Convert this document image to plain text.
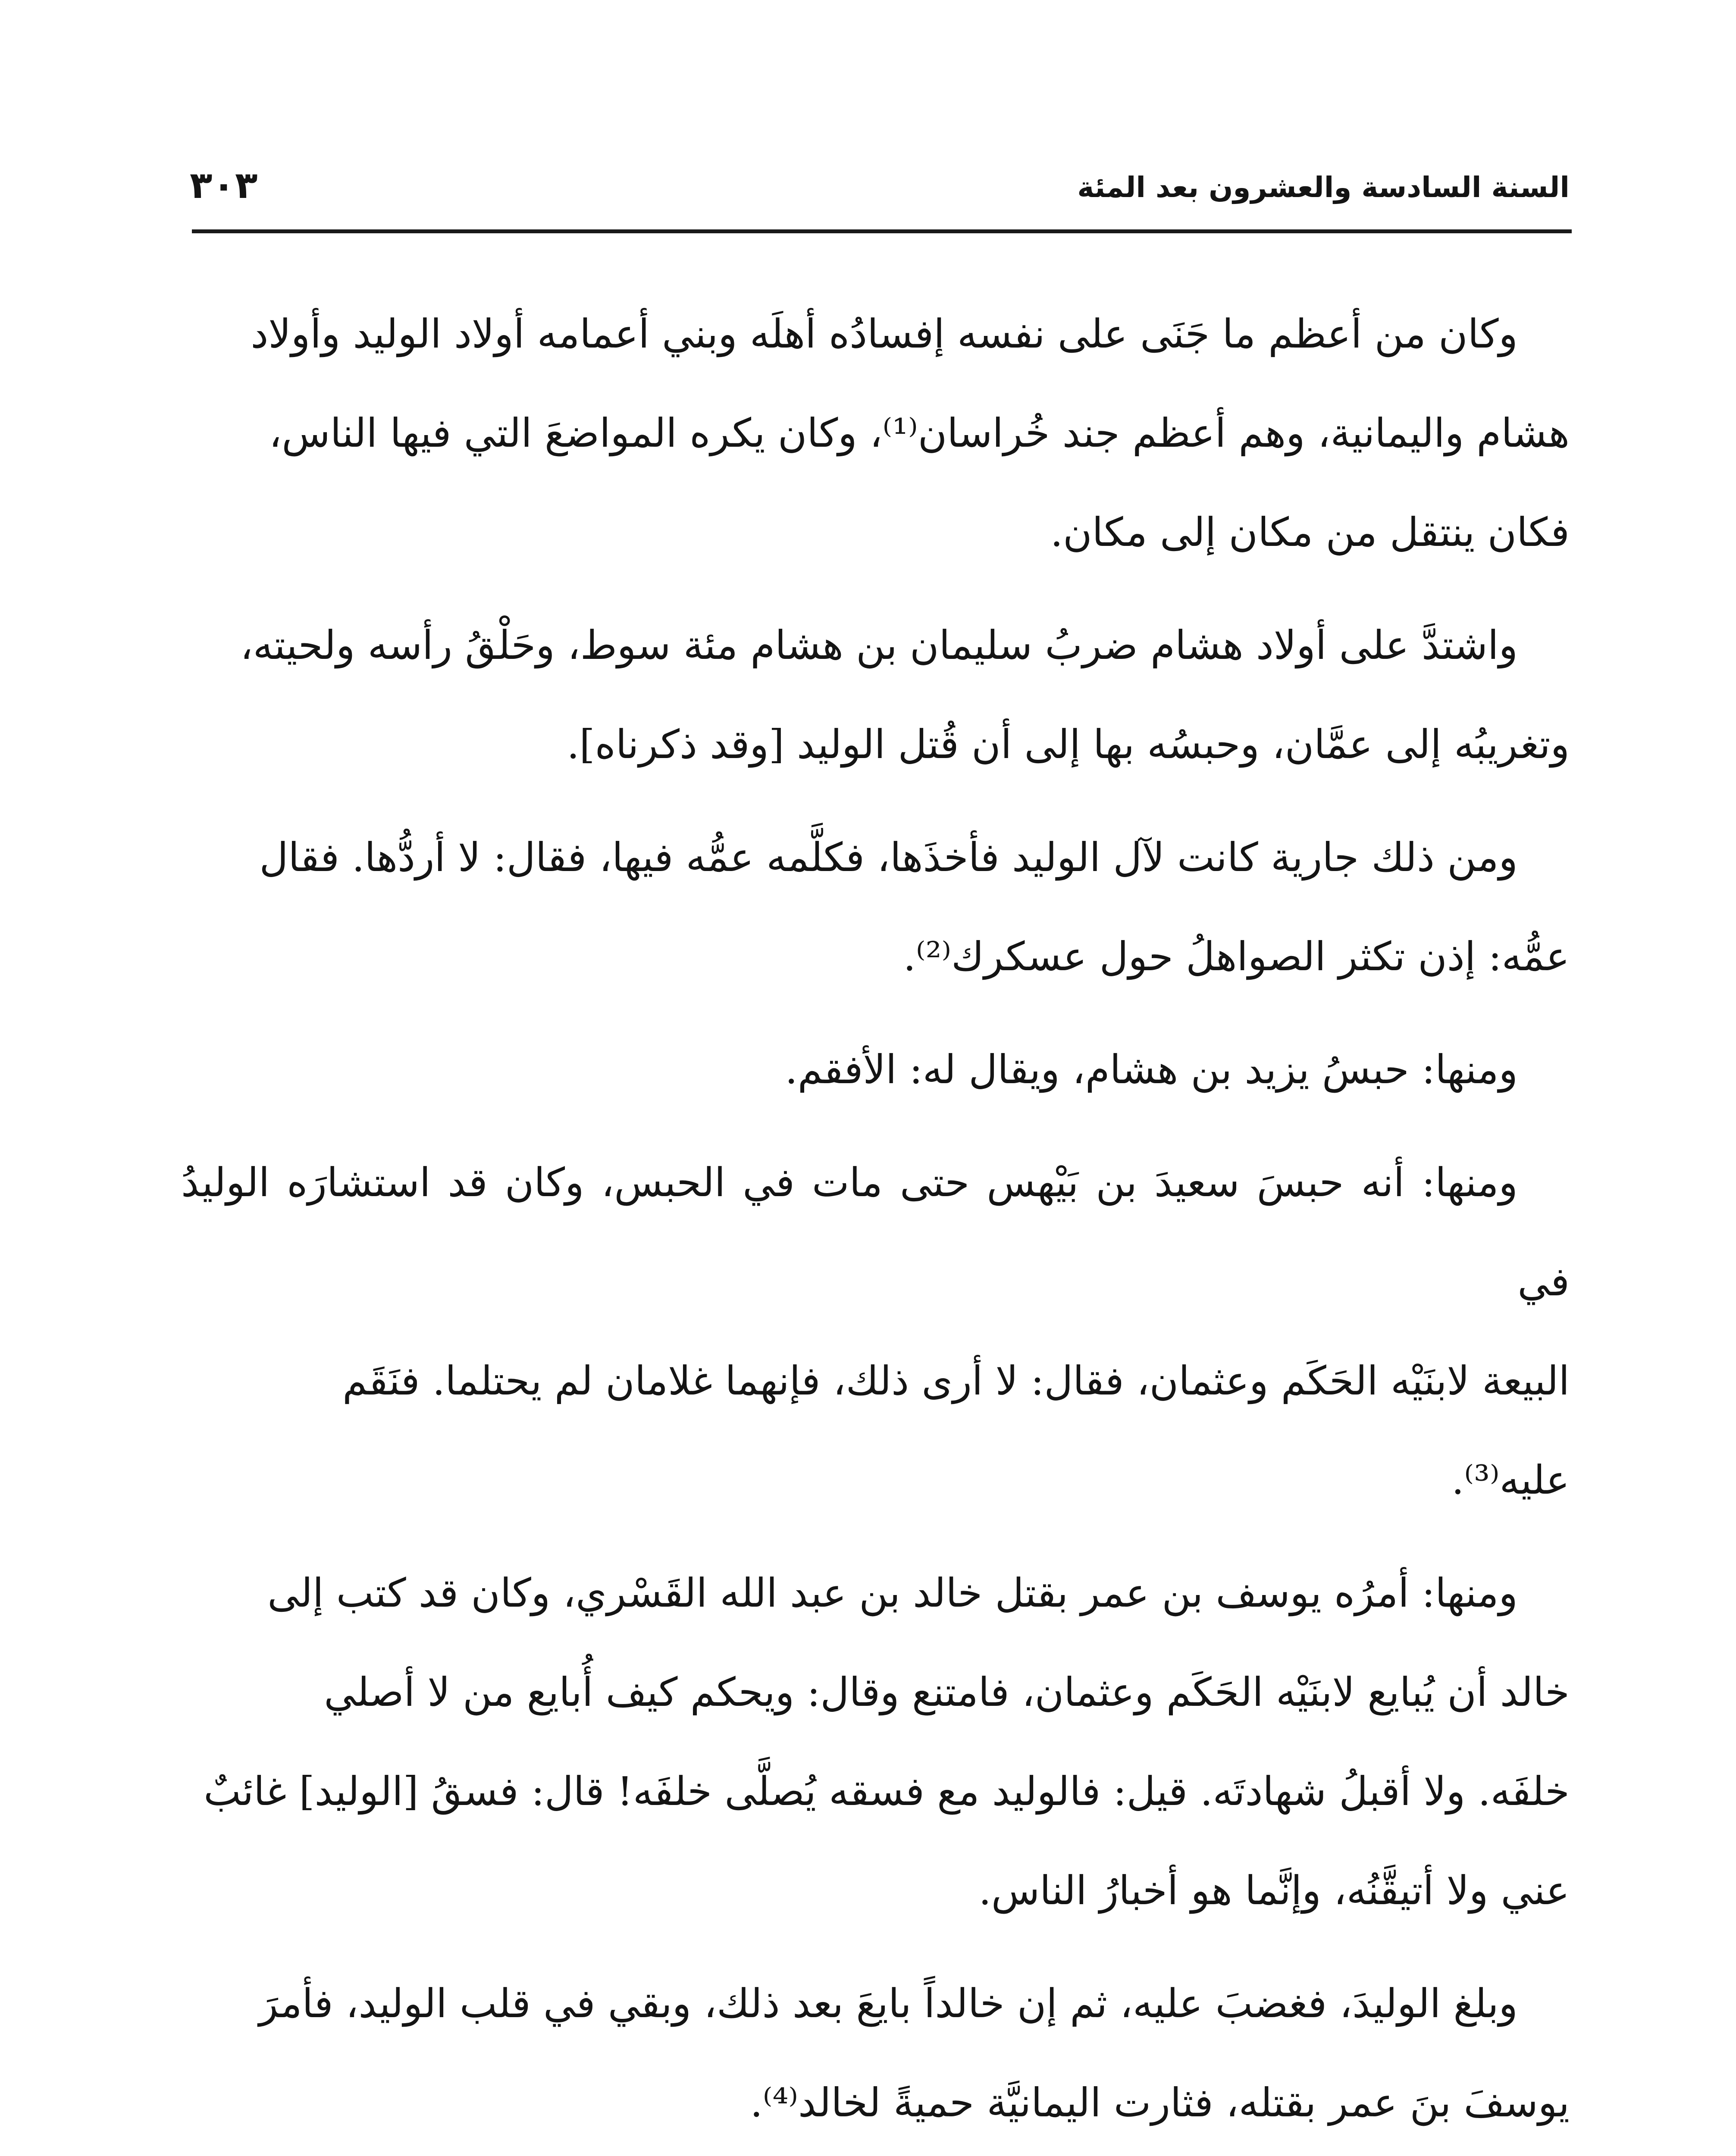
السنة السادسة والعشرون بعد المئة
٣٠٣

وكان من أعظم ما جَنَى على نفسه إفسادُه أهلَه وبني أعمامه أولاد الوليد وأولاد
هشام واليمانية، وهم أعظم جند خُراسان⁽¹⁾، وكان يكره المواضعَ التي فيها الناس،
فكان ينتقل من مكان إلى مكان.

واشتدَّ على أولاد هشام ضربُ سليمان بن هشام مئة سوط، وحَلْقُ رأسه ولحيته،
وتغريبُه إلى عمَّان، وحبسُه بها إلى أن قُتل الوليد [وقد ذكرناه].

ومن ذلك جارية كانت لآل الوليد فأخذَها، فكلَّمه عمُّه فيها، فقال: لا أردُّها. فقال
عمُّه: إذن تكثر الصواهلُ حول عسكرك⁽²⁾.

ومنها: حبسُ يزيد بن هشام، ويقال له: الأفقم.

ومنها: أنه حبسَ سعيدَ بن بَيْهس حتى مات في الحبس، وكان قد استشارَه الوليدُ في
البيعة لابنَيْه الحَكَم وعثمان، فقال: لا أرى ذلك، فإنهما غلامان لم يحتلما. فنَقَم
عليه⁽³⁾.

ومنها: أمرُه يوسف بن عمر بقتل خالد بن عبد الله القَسْري، وكان قد كتب إلى
خالد أن يُبايع لابنَيْه الحَكَم وعثمان، فامتنع وقال: ويحكم كيف أُبايع من لا أصلي
خلفَه. ولا أقبلُ شهادتَه. قيل: فالوليد مع فسقه يُصلَّى خلفَه! قال: فسقُ [الوليد] غائبٌ
عني ولا أتيقَّنُه، وإنَّما هو أخبارُ الناس.

وبلغ الوليدَ، فغضبَ عليه، ثم إن خالداً بايعَ بعد ذلك، وبقي في قلب الوليد، فأمرَ
يوسفَ بنَ عمر بقتله، فثارت اليمانيَّة حميةً لخالد⁽⁴⁾.
